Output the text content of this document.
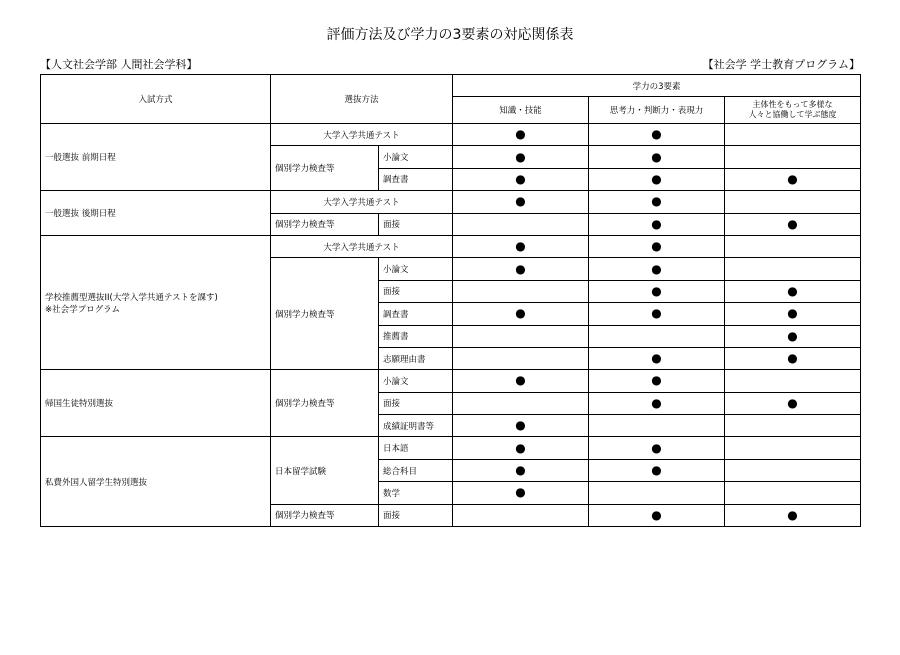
評価方法及び学力の3要素の対応関係表
【人文社会学部 人間社会学科】	【社会学 学士教育プログラム】
入試方式	選抜方法		学力の3要素		
			知識・技能	思考力・判断力・表現力	主体性をもって多様な
人々と協働して学ぶ態度
一般選抜 前期日程	大学入学共通テスト		●	●	
	個別学力検査等	小論文	●	●	
		調査書	●	●	●
一般選抜 後期日程	大学入学共通テスト		●	●	
	個別学力検査等	面接		●	●
学校推薦型選抜II(大学入学共通テストを課す)
※社会学プログラム	大学入学共通テスト		●	●	
	個別学力検査等	小論文	●	●	
		面接		●	●
		調査書	●	●	●
		推薦書			●
		志願理由書		●	●
帰国生徒特別選抜	個別学力検査等	小論文	●	●	
		面接		●	●
		成績証明書等	●		
私費外国人留学生特別選抜	日本留学試験	日本語	●	●	
		総合科目	●	●	
		数学	●		
	個別学力検査等	面接		●	●
